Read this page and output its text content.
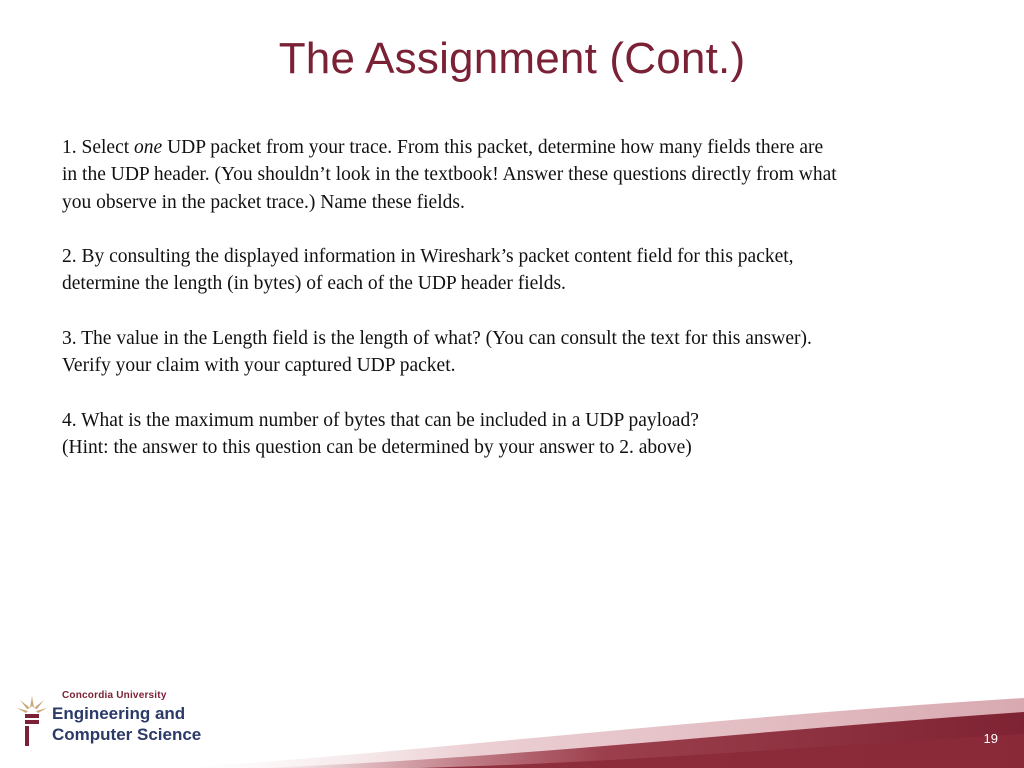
The Assignment (Cont.)

1. Select one UDP packet from your trace. From this packet, determine how many fields there are
in the UDP header. (You shouldn’t look in the textbook! Answer these questions directly from what
you observe in the packet trace.) Name these fields.

2. By consulting the displayed information in Wireshark’s packet content field for this packet,
determine the length (in bytes) of each of the UDP header fields.

3. The value in the Length field is the length of what? (You can consult the text for this answer).
Verify your claim with your captured UDP packet.

4. What is the maximum number of bytes that can be included in a UDP payload?
(Hint: the answer to this question can be determined by your answer to 2. above)

Concordia University
Engineering and
Computer Science	19
